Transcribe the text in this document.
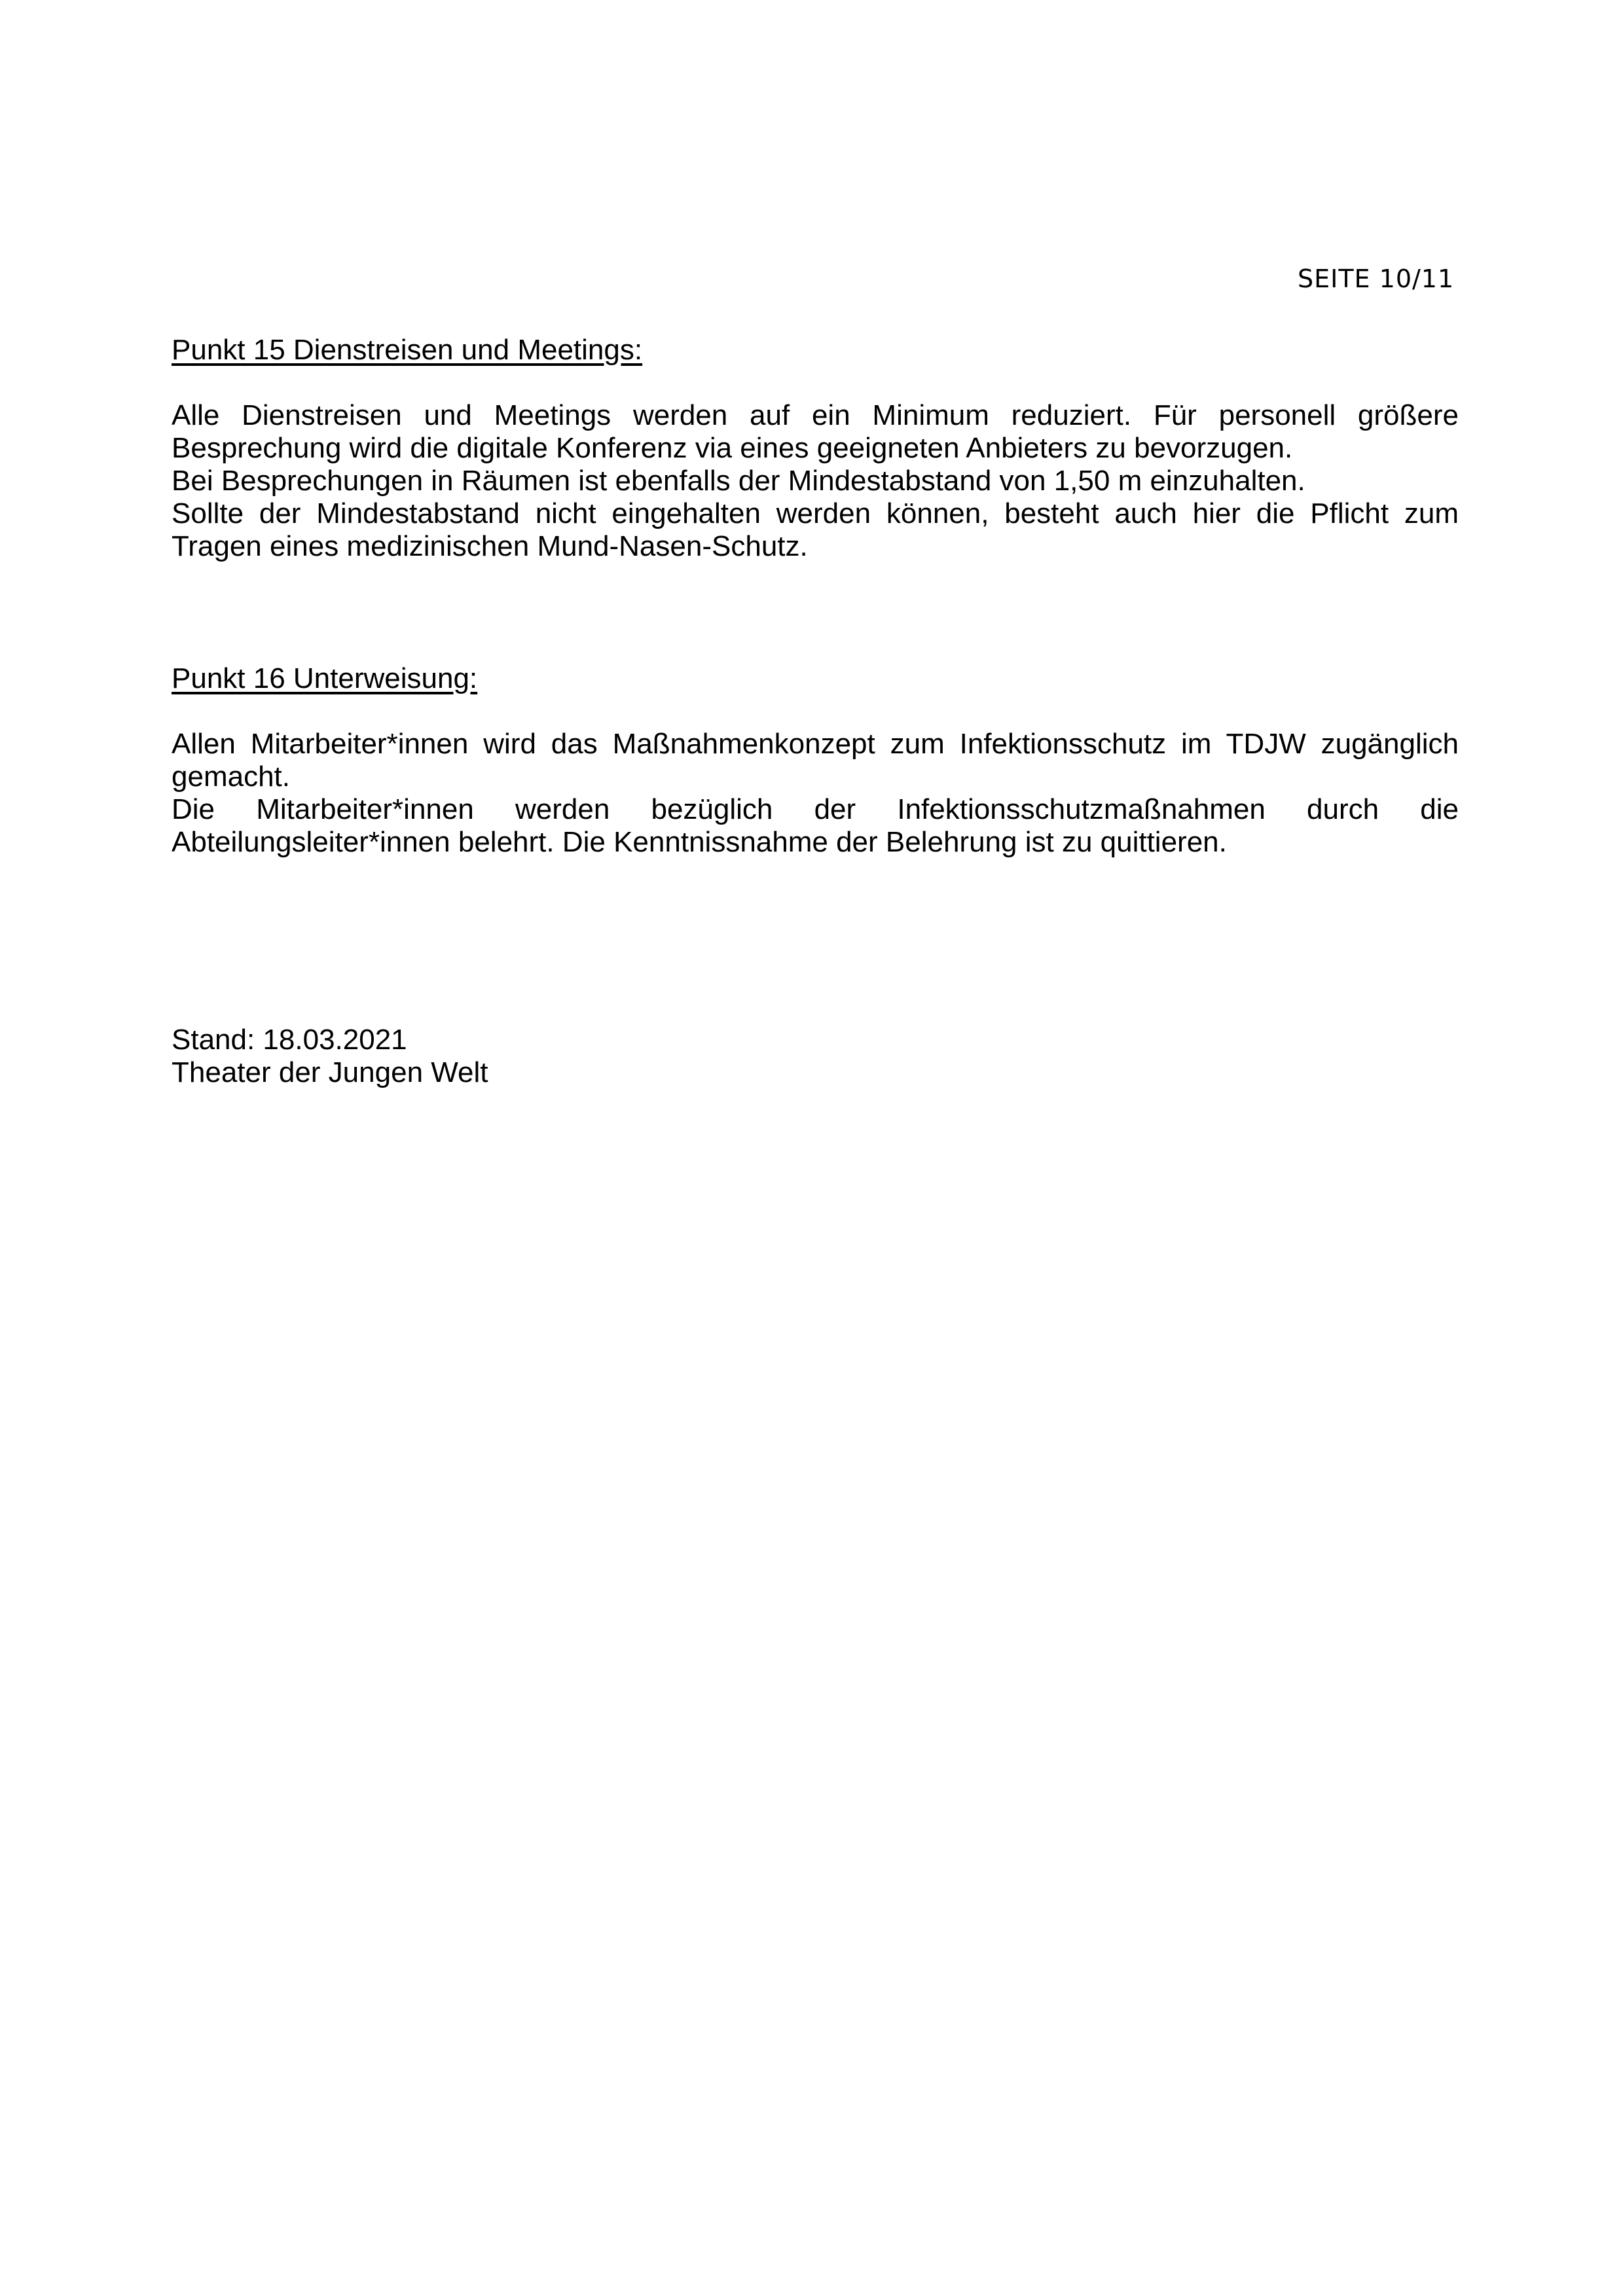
SEITE 10/11
Punkt 15 Dienstreisen und Meetings:

Alle Dienstreisen und Meetings werden auf ein Minimum reduziert. Für personell größere Besprechung wird die digitale Konferenz via eines geeigneten Anbieters zu bevorzugen.

Bei Besprechungen in Räumen ist ebenfalls der Mindestabstand von 1,50 m einzuhalten.

Sollte der Mindestabstand nicht eingehalten werden können, besteht auch hier die Pflicht zum Tragen eines medizinischen Mund-Nasen-Schutz.

Punkt 16 Unterweisung:

Allen Mitarbeiter*innen wird das Maßnahmenkonzept zum Infektionsschutz im TDJW zugänglich gemacht.

Die Mitarbeiter*innen werden bezüglich der Infektionsschutzmaßnahmen durch die Abteilungsleiter*innen belehrt. Die Kenntnissnahme der Belehrung ist zu quittieren.

Stand: 18.03.2021
Theater der Jungen Welt
